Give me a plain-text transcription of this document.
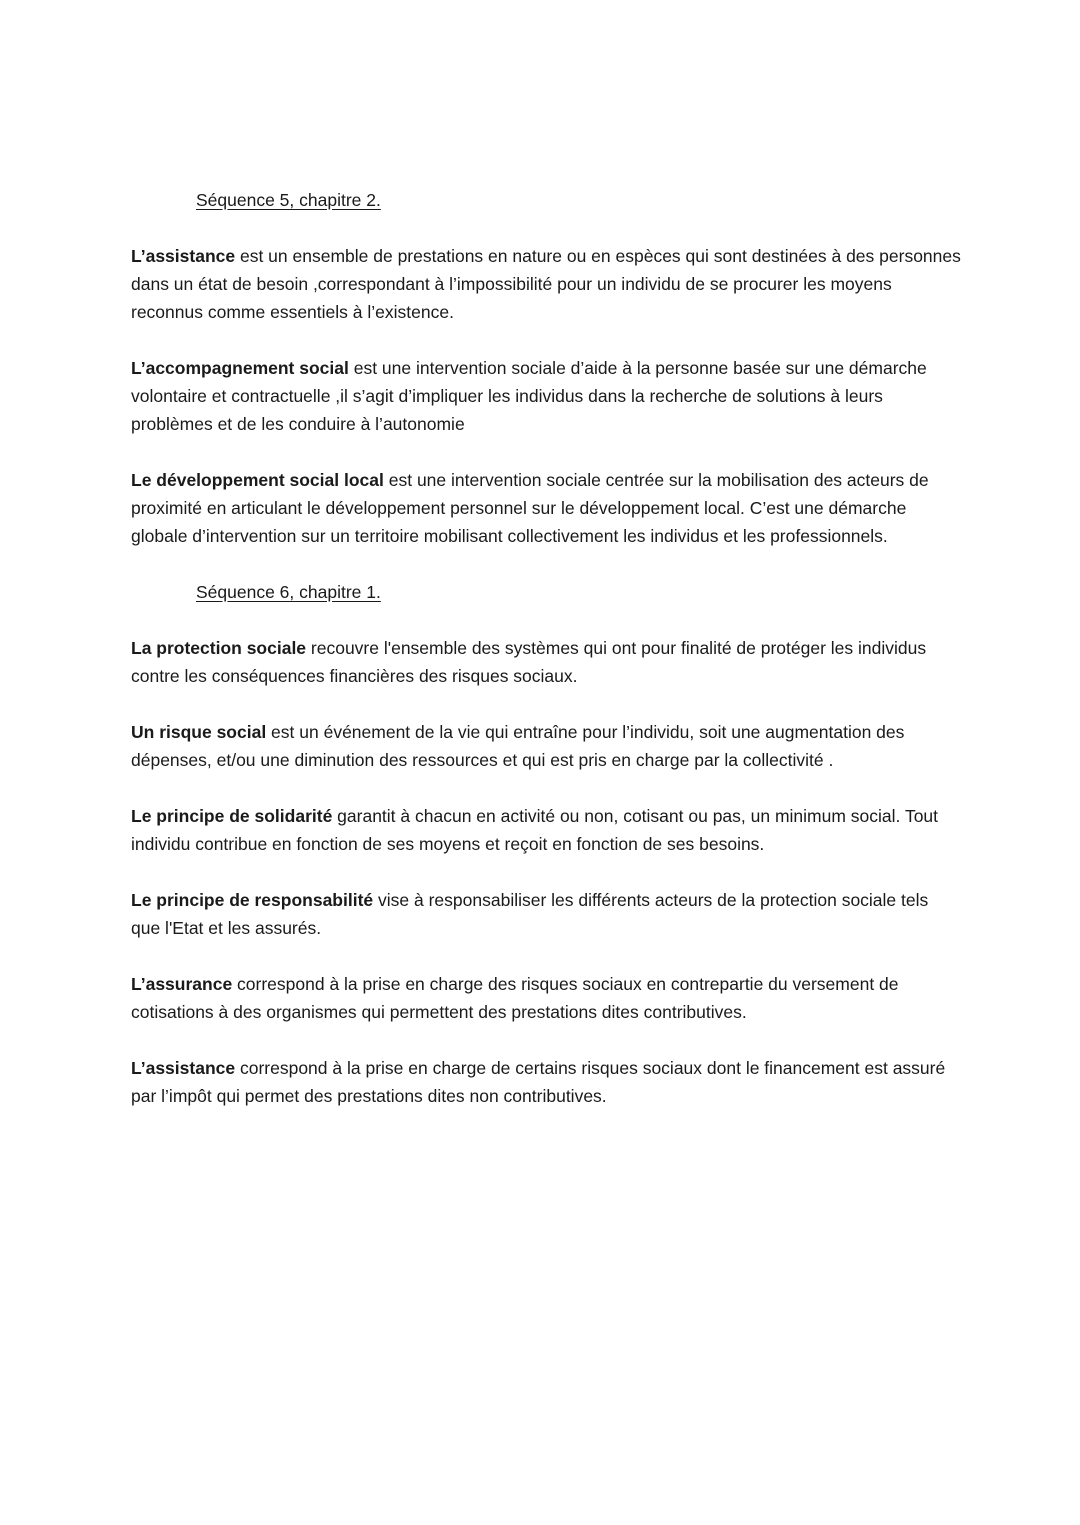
Séquence 5, chapitre 2.

L’assistance est un ensemble de prestations en nature ou en espèces qui sont destinées à des personnes dans un état de besoin ,correspondant à l’impossibilité pour un individu de se procurer les moyens reconnus comme essentiels à l’existence.

L’accompagnement social est une intervention sociale d’aide à la personne basée sur une démarche volontaire et contractuelle ,il s’agit d’impliquer les individus dans la recherche de solutions à leurs problèmes et de les conduire à l’autonomie

Le développement social local est une intervention sociale centrée sur la mobilisation des acteurs de proximité en articulant le développement personnel sur le développement local. C’est une démarche globale d’intervention sur un territoire mobilisant collectivement les individus et les professionnels.

Séquence 6, chapitre 1.

La protection sociale recouvre l'ensemble des systèmes qui ont pour finalité de protéger les individus contre les conséquences financières des risques sociaux.

Un risque social est un événement de la vie qui entraîne pour l’individu, soit une augmentation des dépenses, et/ou une diminution des ressources et qui est pris en charge par la collectivité .

Le principe de solidarité garantit à chacun en activité ou non, cotisant ou pas, un minimum social. Tout individu contribue en fonction de ses moyens et reçoit en fonction de ses besoins.

Le principe de responsabilité vise à responsabiliser les différents acteurs de la protection sociale tels que l'Etat et les assurés.

L’assurance correspond à la prise en charge des risques sociaux en contrepartie du versement de cotisations à des organismes qui permettent des prestations dites contributives.

L’assistance correspond à la prise en charge de certains risques sociaux dont le financement est assuré par l’impôt qui permet des prestations dites non contributives.
